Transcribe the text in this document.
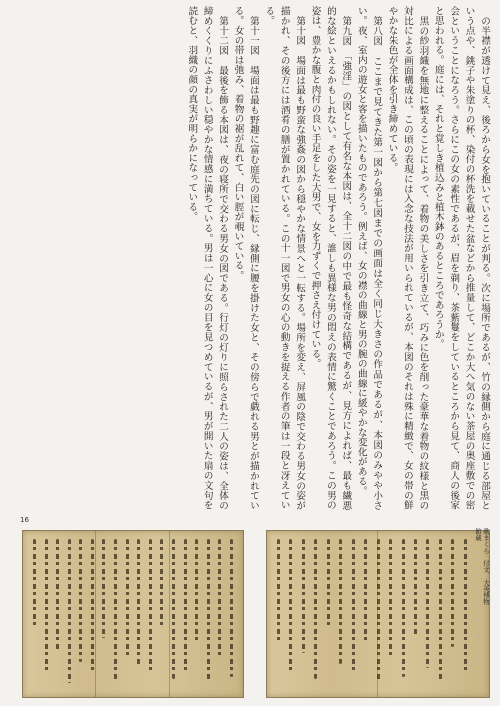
の半襟が透けて見え、後ろから女を抱いていることが判る。次に場所であるが、竹の縁側から庭に通じる部屋という点や、銚子や朱塗りの杯、染付の杯洗を載せた盆などから推量して、どこか大へ気のない茶屋の奥座敷での密会ということになろう。さらにこの女の素性であるが、眉を剃り、茶紫鬘をしているところから見て、商人の後家と思われる。庭には、それと覚しき植込みと植木鉢のあるところであろうか。

黒の紗羽織を無地に整えることによって、着物の美しさを引き立て、巧みに色を削った豪華な着物の紋様と黒の対比による画面構成は、この頃の表現には入念な技法が用いられているが、本図のそれは殊に精緻で、女の帯の鮮やかな朱色が全体を引き締めている。

第八図　ここまで見てきた第一図から第七図までの画面は全く同じ大きさの作品であるが、本図のみやや小さい。夜、室内の遊女と客を描いたものであろう。例えば、女の襟の曲線と男の腕の曲線に緩やかな変化がある。

第九図　「強淫」の図として有名な本図は、全十二図の中で最も怪奇な結構であるが、見方によれば、最も繊悪的な絵といえるかもしれない。その姿を一見すると、誰しも異様な男の悶えの表情に驚くことであろう。この男の姿は、豊かな腹と肉付の良い手足をした大男で、女を力ずくで押さえ付けている。

第十図　場面は最も野蛮な強姦の図から穏やかな情景へと一転する。場所を変え、屏風の陰で交わる男女の姿が描かれ、その後方には酒肴の膳が置かれている。この十一図で男女の心の動きを捉える作者の筆は一段と冴えている。

第十一図　場面は最も野趣に富む庭先の図に転じ、縁側に腰を掛けた女と、その傍らで戯れる男とが描かれている。女の帯は弛み、着物の裾が乱れて、白い脛が覗いている。

第十二図　最後を飾る本図は、夜の寝所で交わる男女の図である。行灯の灯りに照らされた二人の姿は、全体の締めくくりにふさわしい穏やかな情感に満ちている。男は一心に女の目を見つめているが、男が開いた扇の文句を読むと、羽織の顔の真実が明らかになっている。

16
歌まくら　付文　大英博物館蔵
